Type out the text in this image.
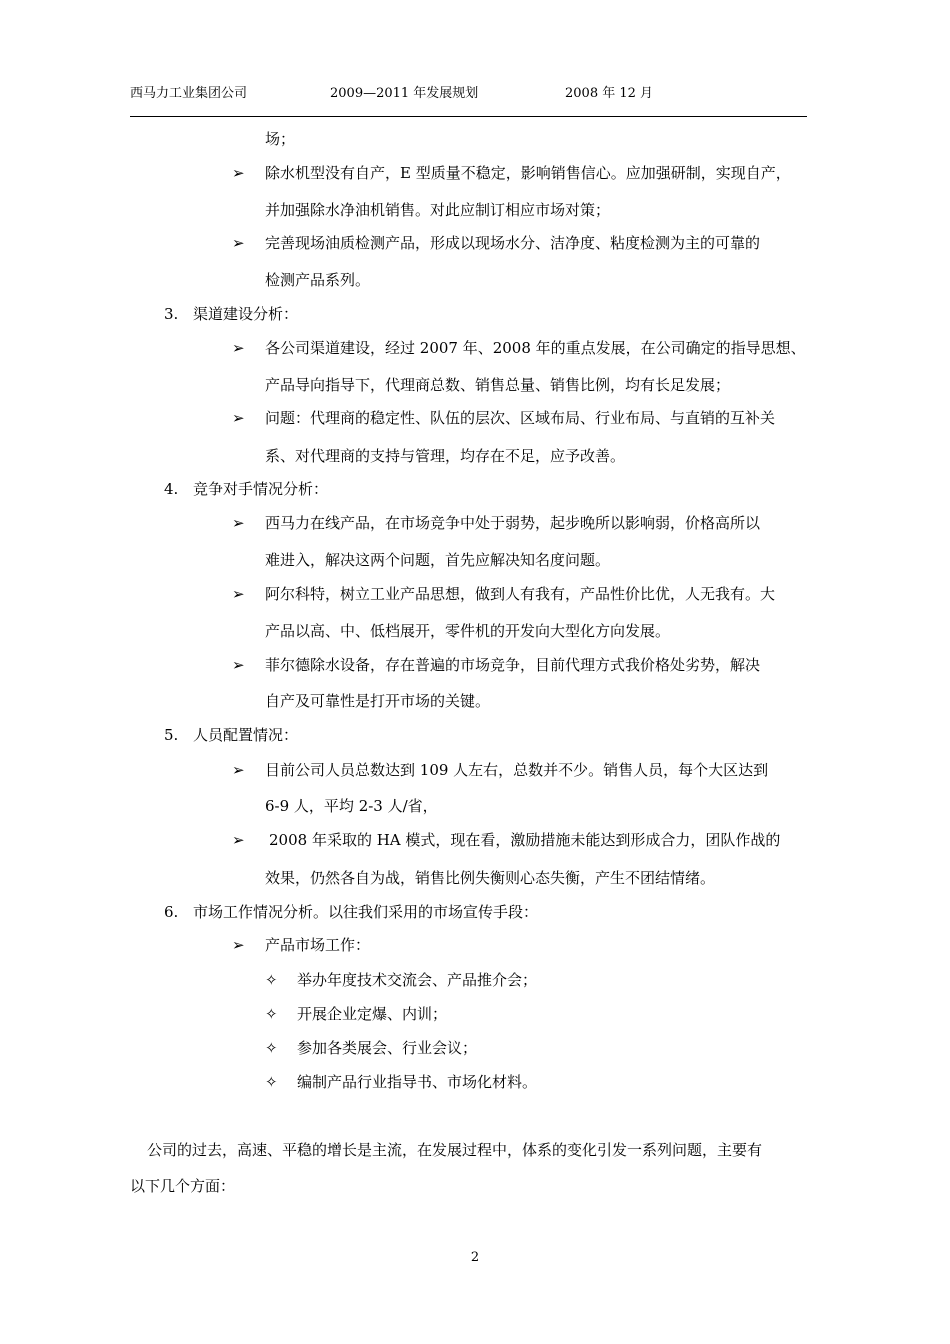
西马力工业集团公司	2009—2011 年发展规划	2008 年 12 月
场；
➢ 除水机型没有自产，E 型质量不稳定，影响销售信心。应加强研制，实现自产，
并加强除水净油机销售。对此应制订相应市场对策；
➢ 完善现场油质检测产品，形成以现场水分、洁净度、粘度检测为主的可靠的
检测产品系列。
3. 渠道建设分析：
➢ 各公司渠道建设，经过 2007 年、2008 年的重点发展，在公司确定的指导思想、
产品导向指导下，代理商总数、销售总量、销售比例，均有长足发展；
➢ 问题：代理商的稳定性、队伍的层次、区域布局、行业布局、与直销的互补关
系、对代理商的支持与管理，均存在不足，应予改善。
4. 竞争对手情况分析：
➢ 西马力在线产品，在市场竞争中处于弱势，起步晚所以影响弱，价格高所以
难进入，解决这两个问题，首先应解决知名度问题。
➢ 阿尔科特，树立工业产品思想，做到人有我有，产品性价比优，人无我有。大
产品以高、中、低档展开，零件机的开发向大型化方向发展。
➢ 菲尔德除水设备，存在普遍的市场竞争，目前代理方式我价格处劣势，解决
自产及可靠性是打开市场的关键。
5. 人员配置情况：
➢ 目前公司人员总数达到 109 人左右，总数并不少。销售人员，每个大区达到
6-9 人，平均 2-3 人/省，
➢ 2008 年采取的 HA 模式，现在看，激励措施未能达到形成合力，团队作战的
效果，仍然各自为战，销售比例失衡则心态失衡，产生不团结情绪。
6. 市场工作情况分析。以往我们采用的市场宣传手段：
➢ 产品市场工作：
✧ 举办年度技术交流会、产品推介会；
✧ 开展企业定爆、内训；
✧ 参加各类展会、行业会议；
✧ 编制产品行业指导书、市场化材料。
公司的过去，高速、平稳的增长是主流，在发展过程中，体系的变化引发一系列问题，主要有
以下几个方面：
2
